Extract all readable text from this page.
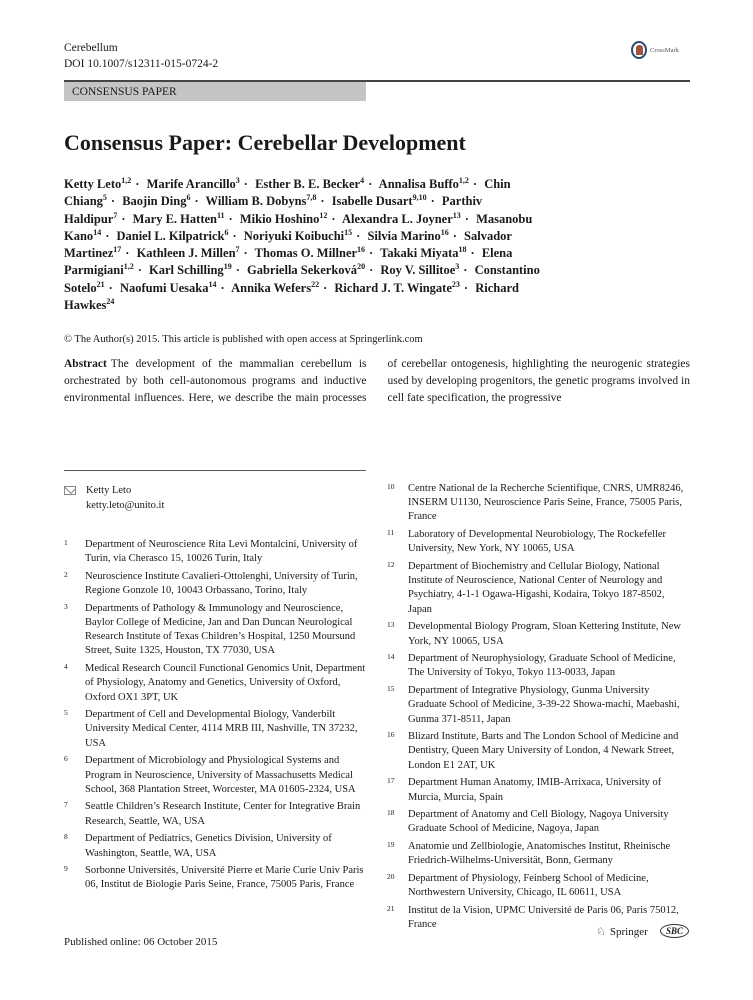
Cerebellum
DOI 10.1007/s12311-015-0724-2
CrossMark
CONSENSUS PAPER
Consensus Paper: Cerebellar Development
Ketty Leto$^{1,2}$ · Marife Arancillo$^3$ · Esther B. E. Becker$^4$ · Annalisa Buffo$^{1,2}$ · Chin Chiang$^5$ · Baojin Ding$^6$ · William B. Dobyns$^{7,8}$ · Isabelle Dusart$^{9,10}$ · Parthiv Haldipur$^7$ · Mary E. Hatten$^{11}$ · Mikio Hoshino$^{12}$ · Alexandra L. Joyner$^{13}$ · Masanobu Kano$^{14}$ · Daniel L. Kilpatrick$^6$ · Noriyuki Koibuchi$^{15}$ · Silvia Marino$^{16}$ · Salvador Martinez$^{17}$ · Kathleen J. Millen$^7$ · Thomas O. Millner$^{16}$ · Takaki Miyata$^{18}$ · Elena Parmigiani$^{1,2}$ · Karl Schilling$^{19}$ · Gabriella Sekerková$^{20}$ · Roy V. Sillitoe$^3$ · Constantino Sotelo$^{21}$ · Naofumi Uesaka$^{14}$ · Annika Wefers$^{22}$ · Richard J. T. Wingate$^{23}$ · Richard Hawkes$^{24}$
© The Author(s) 2015. This article is published with open access at Springerlink.com
Abstract The development of the mammalian cerebellum is orchestrated by both cell-autonomous programs and inductive environmental influences. Here, we describe the main processes of cerebellar ontogenesis, highlighting the neurogenic strategies used by developing progenitors, the genetic programs involved in cell fate specification, the progressive
Ketty Leto
ketty.leto@unito.it
1	Department of Neuroscience Rita Levi Montalcini, University of Turin, via Cherasco 15, 10026 Turin, Italy
2	Neuroscience Institute Cavalieri-Ottolenghi, University of Turin, Regione Gonzole 10, 10043 Orbassano, Torino, Italy
3	Departments of Pathology & Immunology and Neuroscience, Baylor College of Medicine, Jan and Dan Duncan Neurological Research Institute of Texas Children’s Hospital, 1250 Moursund Street, Suite 1325, Houston, TX 77030, USA
4	Medical Research Council Functional Genomics Unit, Department of Physiology, Anatomy and Genetics, University of Oxford, Oxford OX1 3PT, UK
5	Department of Cell and Developmental Biology, Vanderbilt University Medical Center, 4114 MRB III, Nashville, TN 37232, USA
6	Department of Microbiology and Physiological Systems and Program in Neuroscience, University of Massachusetts Medical School, 368 Plantation Street, Worcester, MA 01605-2324, USA
7	Seattle Children’s Research Institute, Center for Integrative Brain Research, Seattle, WA, USA
8	Department of Pediatrics, Genetics Division, University of Washington, Seattle, WA, USA
9	Sorbonne Universités, Université Pierre et Marie Curie Univ Paris 06, Institut de Biologie Paris Seine, France, 75005 Paris, France
10	Centre National de la Recherche Scientifique, CNRS, UMR8246, INSERM U1130, Neuroscience Paris Seine, France, 75005 Paris, France
11	Laboratory of Developmental Neurobiology, The Rockefeller University, New York, NY 10065, USA
12	Department of Biochemistry and Cellular Biology, National Institute of Neuroscience, National Center of Neurology and Psychiatry, 4-1-1 Ogawa-Higashi, Kodaira, Tokyo 187-8502, Japan
13	Developmental Biology Program, Sloan Kettering Institute, New York, NY 10065, USA
14	Department of Neurophysiology, Graduate School of Medicine, The University of Tokyo, Tokyo 113-0033, Japan
15	Department of Integrative Physiology, Gunma University Graduate School of Medicine, 3-39-22 Showa-machi, Maebashi, Gunma 371-8511, Japan
16	Blizard Institute, Barts and The London School of Medicine and Dentistry, Queen Mary University of London, 4 Newark Street, London E1 2AT, UK
17	Department Human Anatomy, IMIB-Arrixaca, University of Murcia, Murcia, Spain
18	Department of Anatomy and Cell Biology, Nagoya University Graduate School of Medicine, Nagoya, Japan
19	Anatomie und Zellbiologie, Anatomisches Institut, Rheinische Friedrich-Wilhelms-Universität, Bonn, Germany
20	Department of Physiology, Feinberg School of Medicine, Northwestern University, Chicago, IL 60611, USA
21	Institut de la Vision, UPMC Université de Paris 06, Paris 75012, France
Published online: 06 October 2015
♘ Springer	SBC
